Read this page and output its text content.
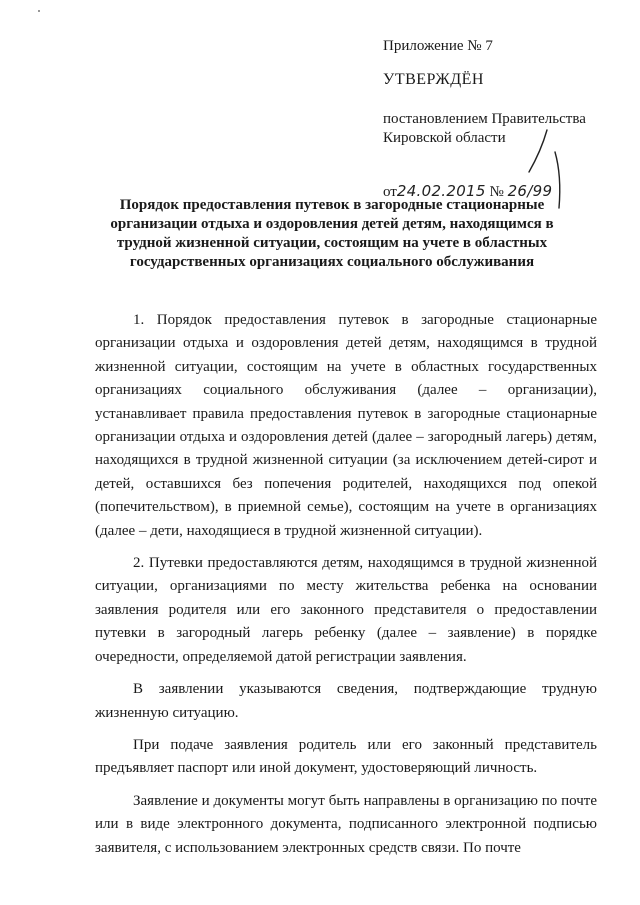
Приложение № 7
УТВЕРЖДЁН
постановлением Правительства
Кировской области
от24.02.2015 № 26/99
Порядок предоставления путевок в загородные стационарные организации отдыха и оздоровления детей детям, находящимся в трудной жизненной ситуации, состоящим на учете в областных государственных организациях социального обслуживания

1. Порядок предоставления путевок в загородные стационарные организации отдыха и оздоровления детей детям, находящимся в трудной жизненной ситуации, состоящим на учете в областных государственных организациях социального обслуживания (далее – организации), устанавливает правила предоставления путевок в загородные стационарные организации отдыха и оздоровления детей (далее – загородный лагерь) детям, находящихся в трудной жизненной ситуации (за исключением детей-сирот и детей, оставшихся без попечения родителей, находящихся под опекой (попечительством), в приемной семье), состоящим на учете в организациях (далее – дети, находящиеся в трудной жизненной ситуации).

2. Путевки предоставляются детям, находящимся в трудной жизненной ситуации, организациями по месту жительства ребенка на основании заявления родителя или его законного представителя о предоставлении путевки в загородный лагерь ребенку (далее – заявление) в порядке очередности, определяемой датой регистрации заявления.

В заявлении указываются сведения, подтверждающие трудную жизненную ситуацию.

При подаче заявления родитель или его законный представитель предъявляет паспорт или иной документ, удостоверяющий личность.

Заявление и документы могут быть направлены в организацию по почте или в виде электронного документа, подписанного электронной подписью заявителя, с использованием электронных средств связи. По почте
